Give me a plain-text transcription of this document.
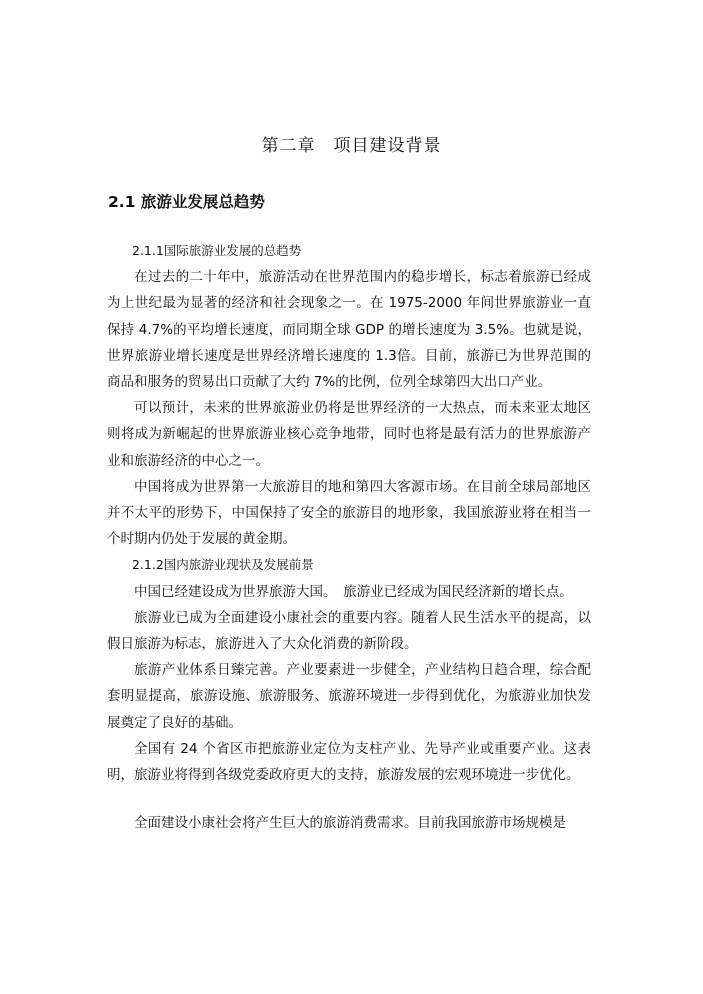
第二章　项目建设背景
2.1 旅游业发展总趋势

2.1.1国际旅游业发展的总趋势

在过去的二十年中，旅游活动在世界范围内的稳步增长，标志着旅游已经成为上世纪最为显著的经济和社会现象之一。在 1975-2000 年间世界旅游业一直保持 4.7%的平均增长速度，而同期全球 GDP 的增长速度为 3.5%。也就是说，世界旅游业增长速度是世界经济增长速度的 1.3倍。目前，旅游已为世界范围的商品和服务的贸易出口贡献了大约 7%的比例，位列全球第四大出口产业。

可以预计，未来的世界旅游业仍将是世界经济的一大热点，而未来亚太地区则将成为新崛起的世界旅游业核心竞争地带，同时也将是最有活力的世界旅游产业和旅游经济的中心之一。

中国将成为世界第一大旅游目的地和第四大客源市场。在目前全球局部地区并不太平的形势下，中国保持了安全的旅游目的地形象，我国旅游业将在相当一个时期内仍处于发展的黄金期。

2.1.2国内旅游业现状及发展前景

中国已经建设成为世界旅游大国。　旅游业已经成为国民经济新的增长点。

旅游业已成为全面建设小康社会的重要内容。随着人民生活水平的提高，以假日旅游为标志，旅游进入了大众化消费的新阶段。

旅游产业体系日臻完善。产业要素进一步健全，产业结构日趋合理，综合配套明显提高，旅游设施、旅游服务、旅游环境进一步得到优化，为旅游业加快发展奠定了良好的基础。

全国有 24 个省区市把旅游业定位为支柱产业、先导产业或重要产业。这表明，旅游业将得到各级党委政府更大的支持，旅游发展的宏观环境进一步优化。

全面建设小康社会将产生巨大的旅游消费需求。目前我国旅游市场规模是
